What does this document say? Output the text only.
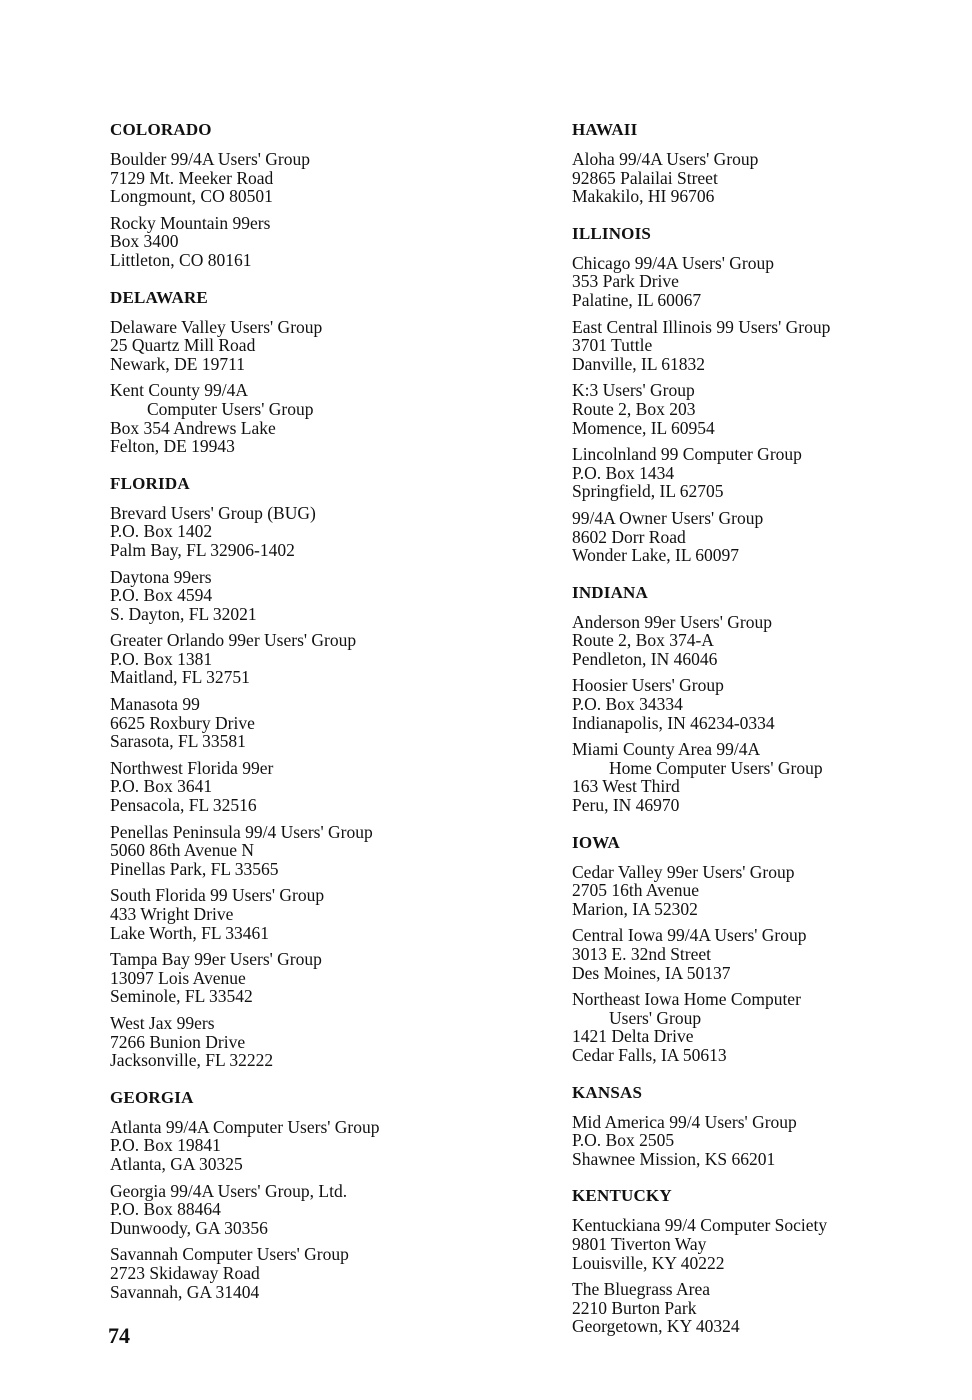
COLORADO
Boulder 99/4A Users' Group
7129 Mt. Meeker Road
Longmount, CO 80501
Rocky Mountain 99ers
Box 3400
Littleton, CO 80161
DELAWARE
Delaware Valley Users' Group
25 Quartz Mill Road
Newark, DE 19711
Kent County 99/4A
Computer Users' Group
Box 354 Andrews Lake
Felton, DE 19943
FLORIDA
Brevard Users' Group (BUG)
P.O. Box 1402
Palm Bay, FL 32906-1402
Daytona 99ers
P.O. Box 4594
S. Dayton, FL 32021
Greater Orlando 99er Users' Group
P.O. Box 1381
Maitland, FL 32751
Manasota 99
6625 Roxbury Drive
Sarasota, FL 33581
Northwest Florida 99er
P.O. Box 3641
Pensacola, FL 32516
Penellas Peninsula 99/4 Users' Group
5060 86th Avenue N
Pinellas Park, FL 33565
South Florida 99 Users' Group
433 Wright Drive
Lake Worth, FL 33461
Tampa Bay 99er Users' Group
13097 Lois Avenue
Seminole, FL 33542
West Jax 99ers
7266 Bunion Drive
Jacksonville, FL 32222
GEORGIA
Atlanta 99/4A Computer Users' Group
P.O. Box 19841
Atlanta, GA 30325
Georgia 99/4A Users' Group, Ltd.
P.O. Box 88464
Dunwoody, GA 30356
Savannah Computer Users' Group
2723 Skidaway Road
Savannah, GA 31404
HAWAII
Aloha 99/4A Users' Group
92865 Palailai Street
Makakilo, HI 96706
ILLINOIS
Chicago 99/4A Users' Group
353 Park Drive
Palatine, IL 60067
East Central Illinois 99 Users' Group
3701 Tuttle
Danville, IL 61832
K:3 Users' Group
Route 2, Box 203
Momence, IL 60954
Lincolnland 99 Computer Group
P.O. Box 1434
Springfield, IL 62705
99/4A Owner Users' Group
8602 Dorr Road
Wonder Lake, IL 60097
INDIANA
Anderson 99er Users' Group
Route 2, Box 374-A
Pendleton, IN 46046
Hoosier Users' Group
P.O. Box 34334
Indianapolis, IN 46234-0334
Miami County Area 99/4A
Home Computer Users' Group
163 West Third
Peru, IN 46970
IOWA
Cedar Valley 99er Users' Group
2705 16th Avenue
Marion, IA 52302
Central Iowa 99/4A Users' Group
3013 E. 32nd Street
Des Moines, IA 50137
Northeast Iowa Home Computer
Users' Group
1421 Delta Drive
Cedar Falls, IA 50613
KANSAS
Mid America 99/4 Users' Group
P.O. Box 2505
Shawnee Mission, KS 66201
KENTUCKY
Kentuckiana 99/4 Computer Society
9801 Tiverton Way
Louisville, KY 40222
The Bluegrass Area
2210 Burton Park
Georgetown, KY 40324
74
